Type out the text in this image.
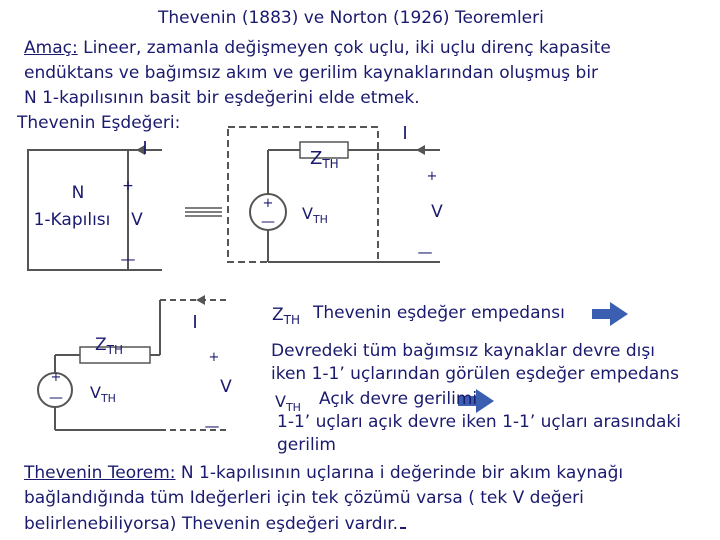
Thevenin (1883) ve Norton (1926) Teoremleri
Amaç: Lineer, zamanla değişmeyen çok uçlu, iki uçlu direnç kapasite
endüktans ve bağımsız akım ve gerilim kaynaklarından oluşmuş bir
N 1-kapılısının basit bir eşdeğerini elde etmek.
Thevenin Eşdeğeri:
I
+
V
—
N
1-Kapılısı
+
—
$Z_{TH}$
$V_{TH}$
I
+
V
—
+
—
$Z_{TH}$
$V_{TH}$
I
+
V
—
$Z_{TH}$
$V_{TH}$
Thevenin eşdeğer empedansı
Devredeki tüm bağımsız kaynaklar devre dışı
iken 1-1’ uçlarından görülen eşdeğer empedans
Açık devre gerilimi
1-1’ uçları açık devre iken 1-1’ uçları arasındaki
gerilim
Thevenin Teorem: N 1-kapılısının uçlarına i değerinde bir akım kaynağı
bağlandığında tüm Ideğerleri için tek çözümü varsa ( tek V değeri
belirlenebiliyorsa) Thevenin eşdeğeri vardır.
